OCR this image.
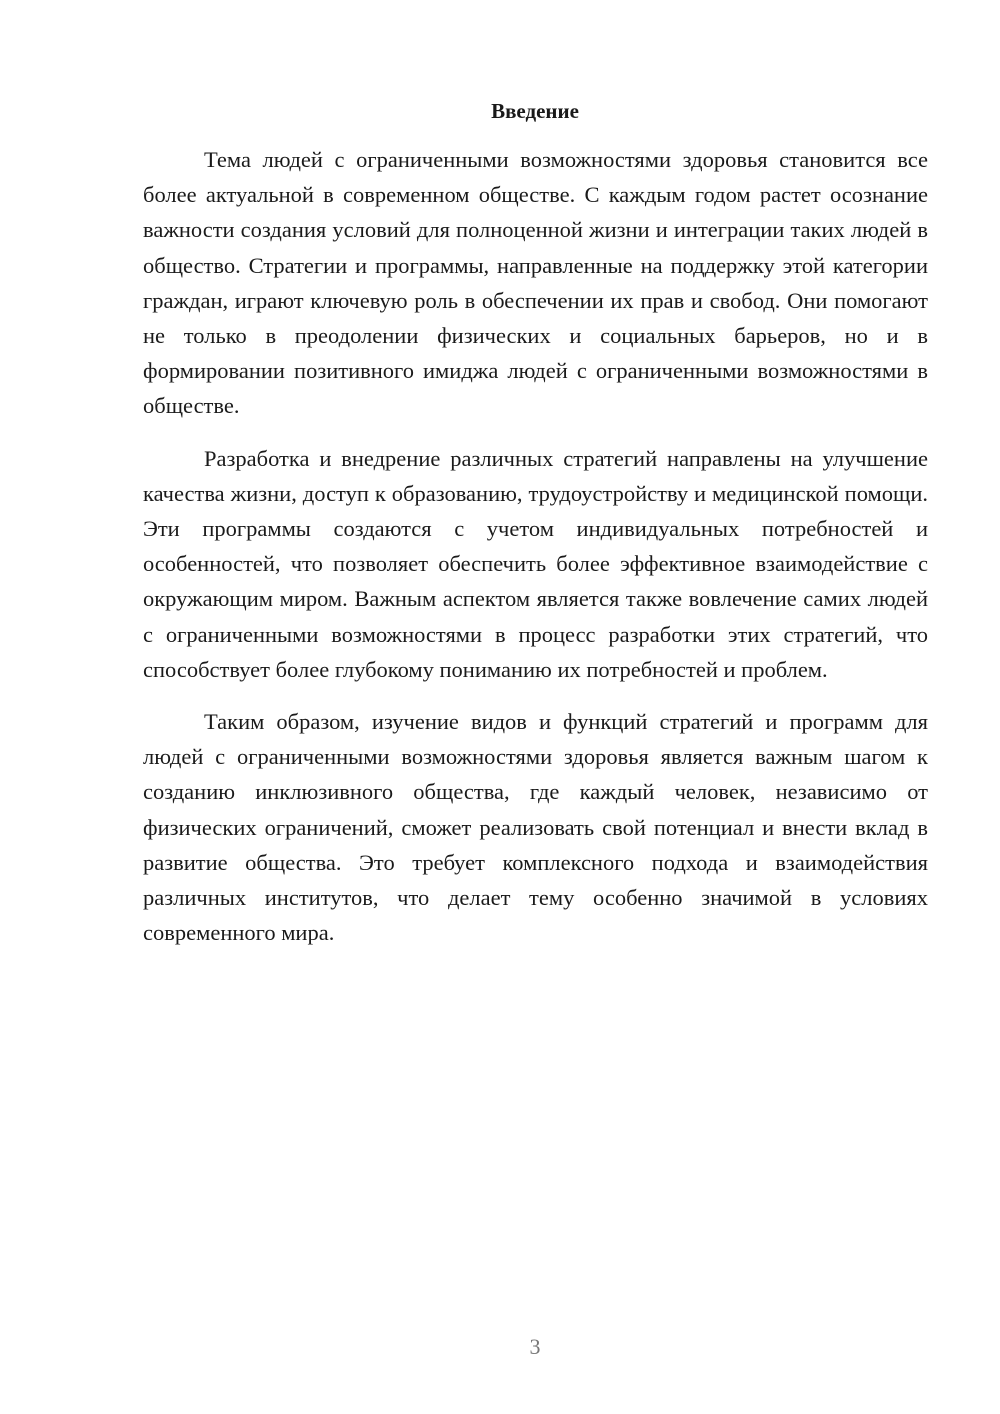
Введение

Тема людей с ограниченными возможностями здоровья становится все более актуальной в современном обществе. С каждым годом растет осознание важности создания условий для полноценной жизни и интеграции таких людей в общество. Стратегии и программы, направленные на поддержку этой категории граждан, играют ключевую роль в обеспечении их прав и свобод. Они помогают не только в преодолении физических и социальных барьеров, но и в формировании позитивного имиджа людей с ограниченными возможностями в обществе.

Разработка и внедрение различных стратегий направлены на улучшение качества жизни, доступ к образованию, трудоустройству и медицинской помощи. Эти программы создаются с учетом индивидуальных потребностей и особенностей, что позволяет обеспечить более эффективное взаимодействие с окружающим миром. Важным аспектом является также вовлечение самих людей с ограниченными возможностями в процесс разработки этих стратегий, что способствует более глубокому пониманию их потребностей и проблем.

Таким образом, изучение видов и функций стратегий и программ для людей с ограниченными возможностями здоровья является важным шагом к созданию инклюзивного общества, где каждый человек, независимо от физических ограничений, сможет реализовать свой потенциал и внести вклад в развитие общества. Это требует комплексного подхода и взаимодействия различных институтов, что делает тему особенно значимой в условиях современного мира.

3
